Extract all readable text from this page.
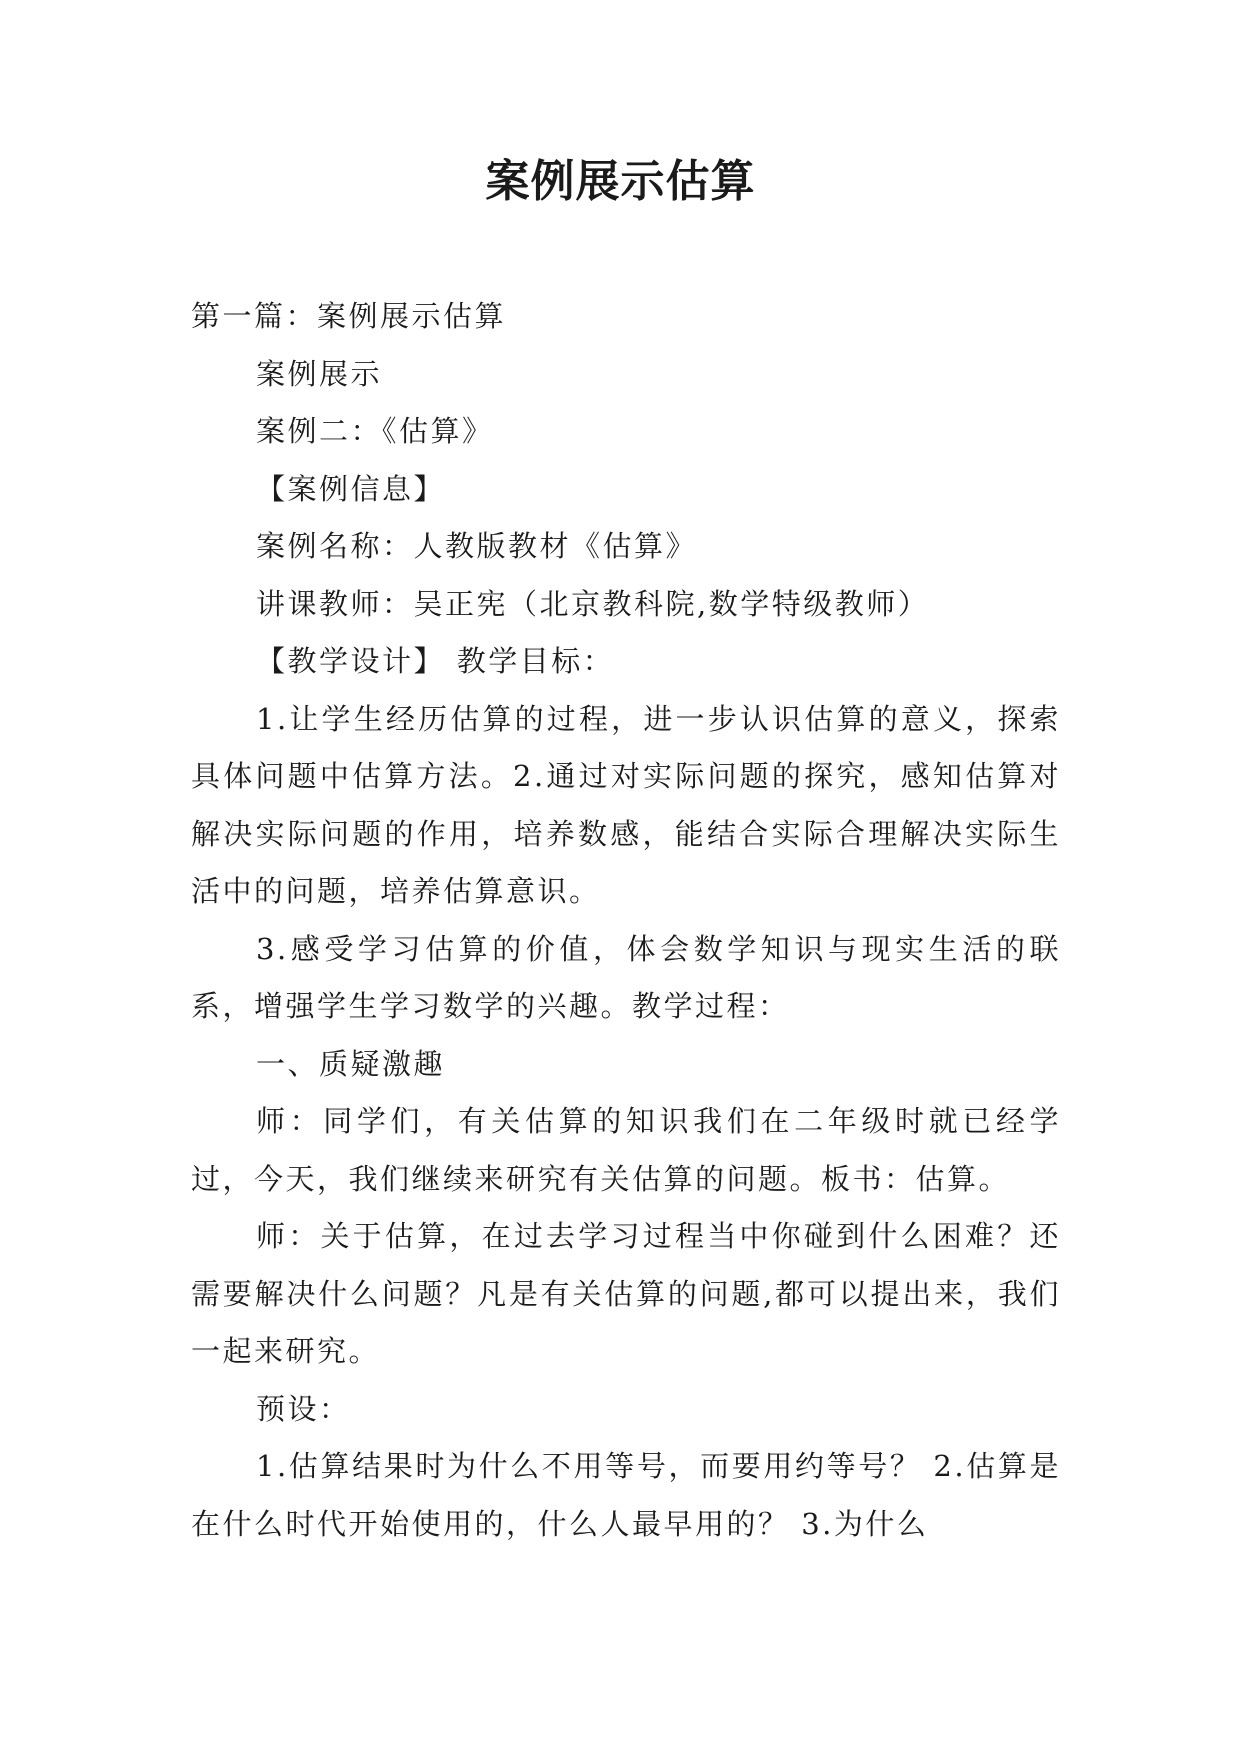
案例展示估算

第一篇：案例展示估算

案例展示

案例二：《估算》

【案例信息】

案例名称：人教版教材《估算》

讲课教师：吴正宪（北京教科院,数学特级教师）

【教学设计】 教学目标：

1.让学生经历估算的过程，进一步认识估算的意义，探索具体问题中估算方法。2.通过对实际问题的探究，感知估算对解决实际问题的作用，培养数感，能结合实际合理解决实际生活中的问题，培养估算意识。

3.感受学习估算的价值，体会数学知识与现实生活的联系，增强学生学习数学的兴趣。教学过程：

一、质疑激趣

师：同学们，有关估算的知识我们在二年级时就已经学过，今天，我们继续来研究有关估算的问题。板书：估算。

师：关于估算，在过去学习过程当中你碰到什么困难？还需要解决什么问题？凡是有关估算的问题,都可以提出来，我们一起来研究。

预设：

1.估算结果时为什么不用等号，而要用约等号？ 2.估算是在什么时代开始使用的，什么人最早用的？ 3.为什么
